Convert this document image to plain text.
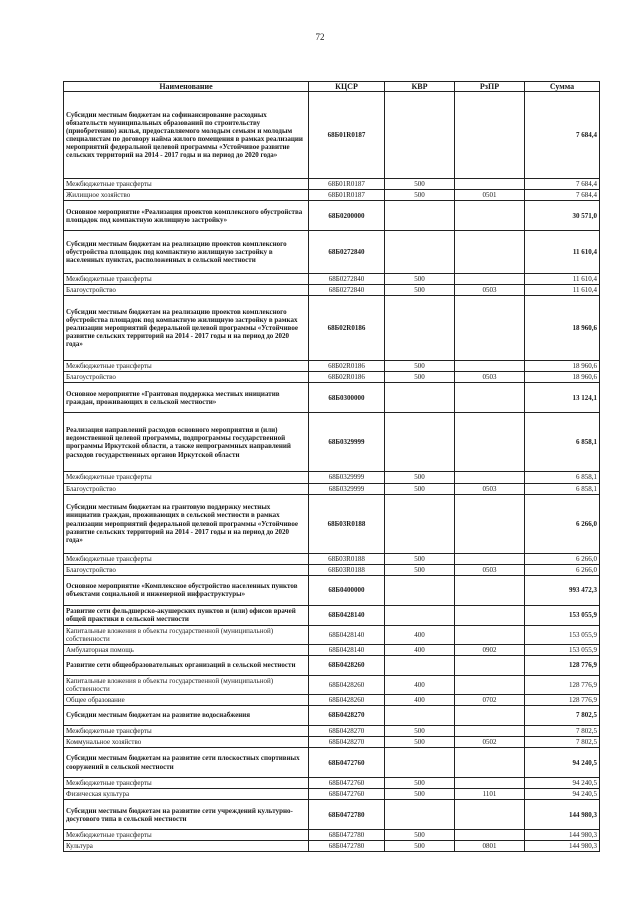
72
Наименование	КЦСР	КВР	РзПР	Сумма
Субсидии местным бюджетам на софинансирование расходных обязательств муниципальных образований по строительству (приобретению) жилья, предоставляемого молодым семьям и молодым специалистам по договору найма жилого помещения в рамках реализации мероприятий федеральной целевой программы «Устойчивое развитие сельских территорий на 2014 - 2017 годы и на период до 2020 года»	68Б01R0187			7 684,4
Межбюджетные трансферты	68Б01R0187	500		7 684,4
Жилищное хозяйство	68Б01R0187	500	0501	7 684,4
Основное мероприятие «Реализация проектов комплексного обустройства площадок под компактную жилищную застройку»	68Б0200000			30 571,0
Субсидии местным бюджетам на реализацию проектов комплексного обустройства площадок под компактную жилищную застройку в населенных пунктах, расположенных в сельской местности	68Б0272840			11 610,4
Межбюджетные трансферты	68Б0272840	500		11 610,4
Благоустройство	68Б0272840	500	0503	11 610,4
Субсидии местным бюджетам на реализацию проектов комплексного обустройства площадок под компактную жилищную застройку в рамках реализации мероприятий федеральной целевой программы «Устойчивое развитие сельских территорий на 2014 - 2017 годы и на период до 2020 года»	68Б02R0186			18 960,6
Межбюджетные трансферты	68Б02R0186	500		18 960,6
Благоустройство	68Б02R0186	500	0503	18 960,6
Основное мероприятие «Грантовая поддержка местных инициатив граждан, проживающих в сельской местности»	68Б0300000			13 124,1
Реализация направлений расходов основного мероприятия и (или) ведомственной целевой программы, подпрограммы государственной программы Иркутской области, а также непрограммных направлений расходов государственных органов Иркутской области	68Б0329999			6 858,1
Межбюджетные трансферты	68Б0329999	500		6 858,1
Благоустройство	68Б0329999	500	0503	6 858,1
Субсидии местным бюджетам на грантовую поддержку местных инициатив граждан, проживающих в сельской местности в рамках реализации мероприятий федеральной целевой программы «Устойчивое развитие сельских территорий на 2014 - 2017 годы и на период до 2020 года»	68Б03R0188			6 266,0
Межбюджетные трансферты	68Б03R0188	500		6 266,0
Благоустройство	68Б03R0188	500	0503	6 266,0
Основное мероприятие «Комплексное обустройство населенных пунктов объектами социальной и инженерной инфраструктуры»	68Б0400000			993 472,3
Развитие сети фельдшерско-акушерских пунктов и (или) офисов врачей общей практики в сельской местности	68Б0428140			153 055,9
Капитальные вложения в объекты государственной (муниципальной) собственности	68Б0428140	400		153 055,9
Амбулаторная помощь	68Б0428140	400	0902	153 055,9
Развитие сети общеобразовательных организаций в сельской местности	68Б0428260			128 776,9
Капитальные вложения в объекты государственной (муниципальной) собственности	68Б0428260	400		128 776,9
Общее образование	68Б0428260	400	0702	128 776,9
Субсидии местным бюджетам на развитие водоснабжения	68Б0428270			7 802,5
Межбюджетные трансферты	68Б0428270	500		7 802,5
Коммунальное хозяйство	68Б0428270	500	0502	7 802,5
Субсидии местным бюджетам на развитие сети плоскостных спортивных сооружений в сельской местности	68Б0472760			94 240,5
Межбюджетные трансферты	68Б0472760	500		94 240,5
Физическая культура	68Б0472760	500	1101	94 240,5
Субсидии местным бюджетам на развитие сети учреждений культурно-досугового типа в сельской местности	68Б0472780			144 980,3
Межбюджетные трансферты	68Б0472780	500		144 980,3
Культура	68Б0472780	500	0801	144 980,3
